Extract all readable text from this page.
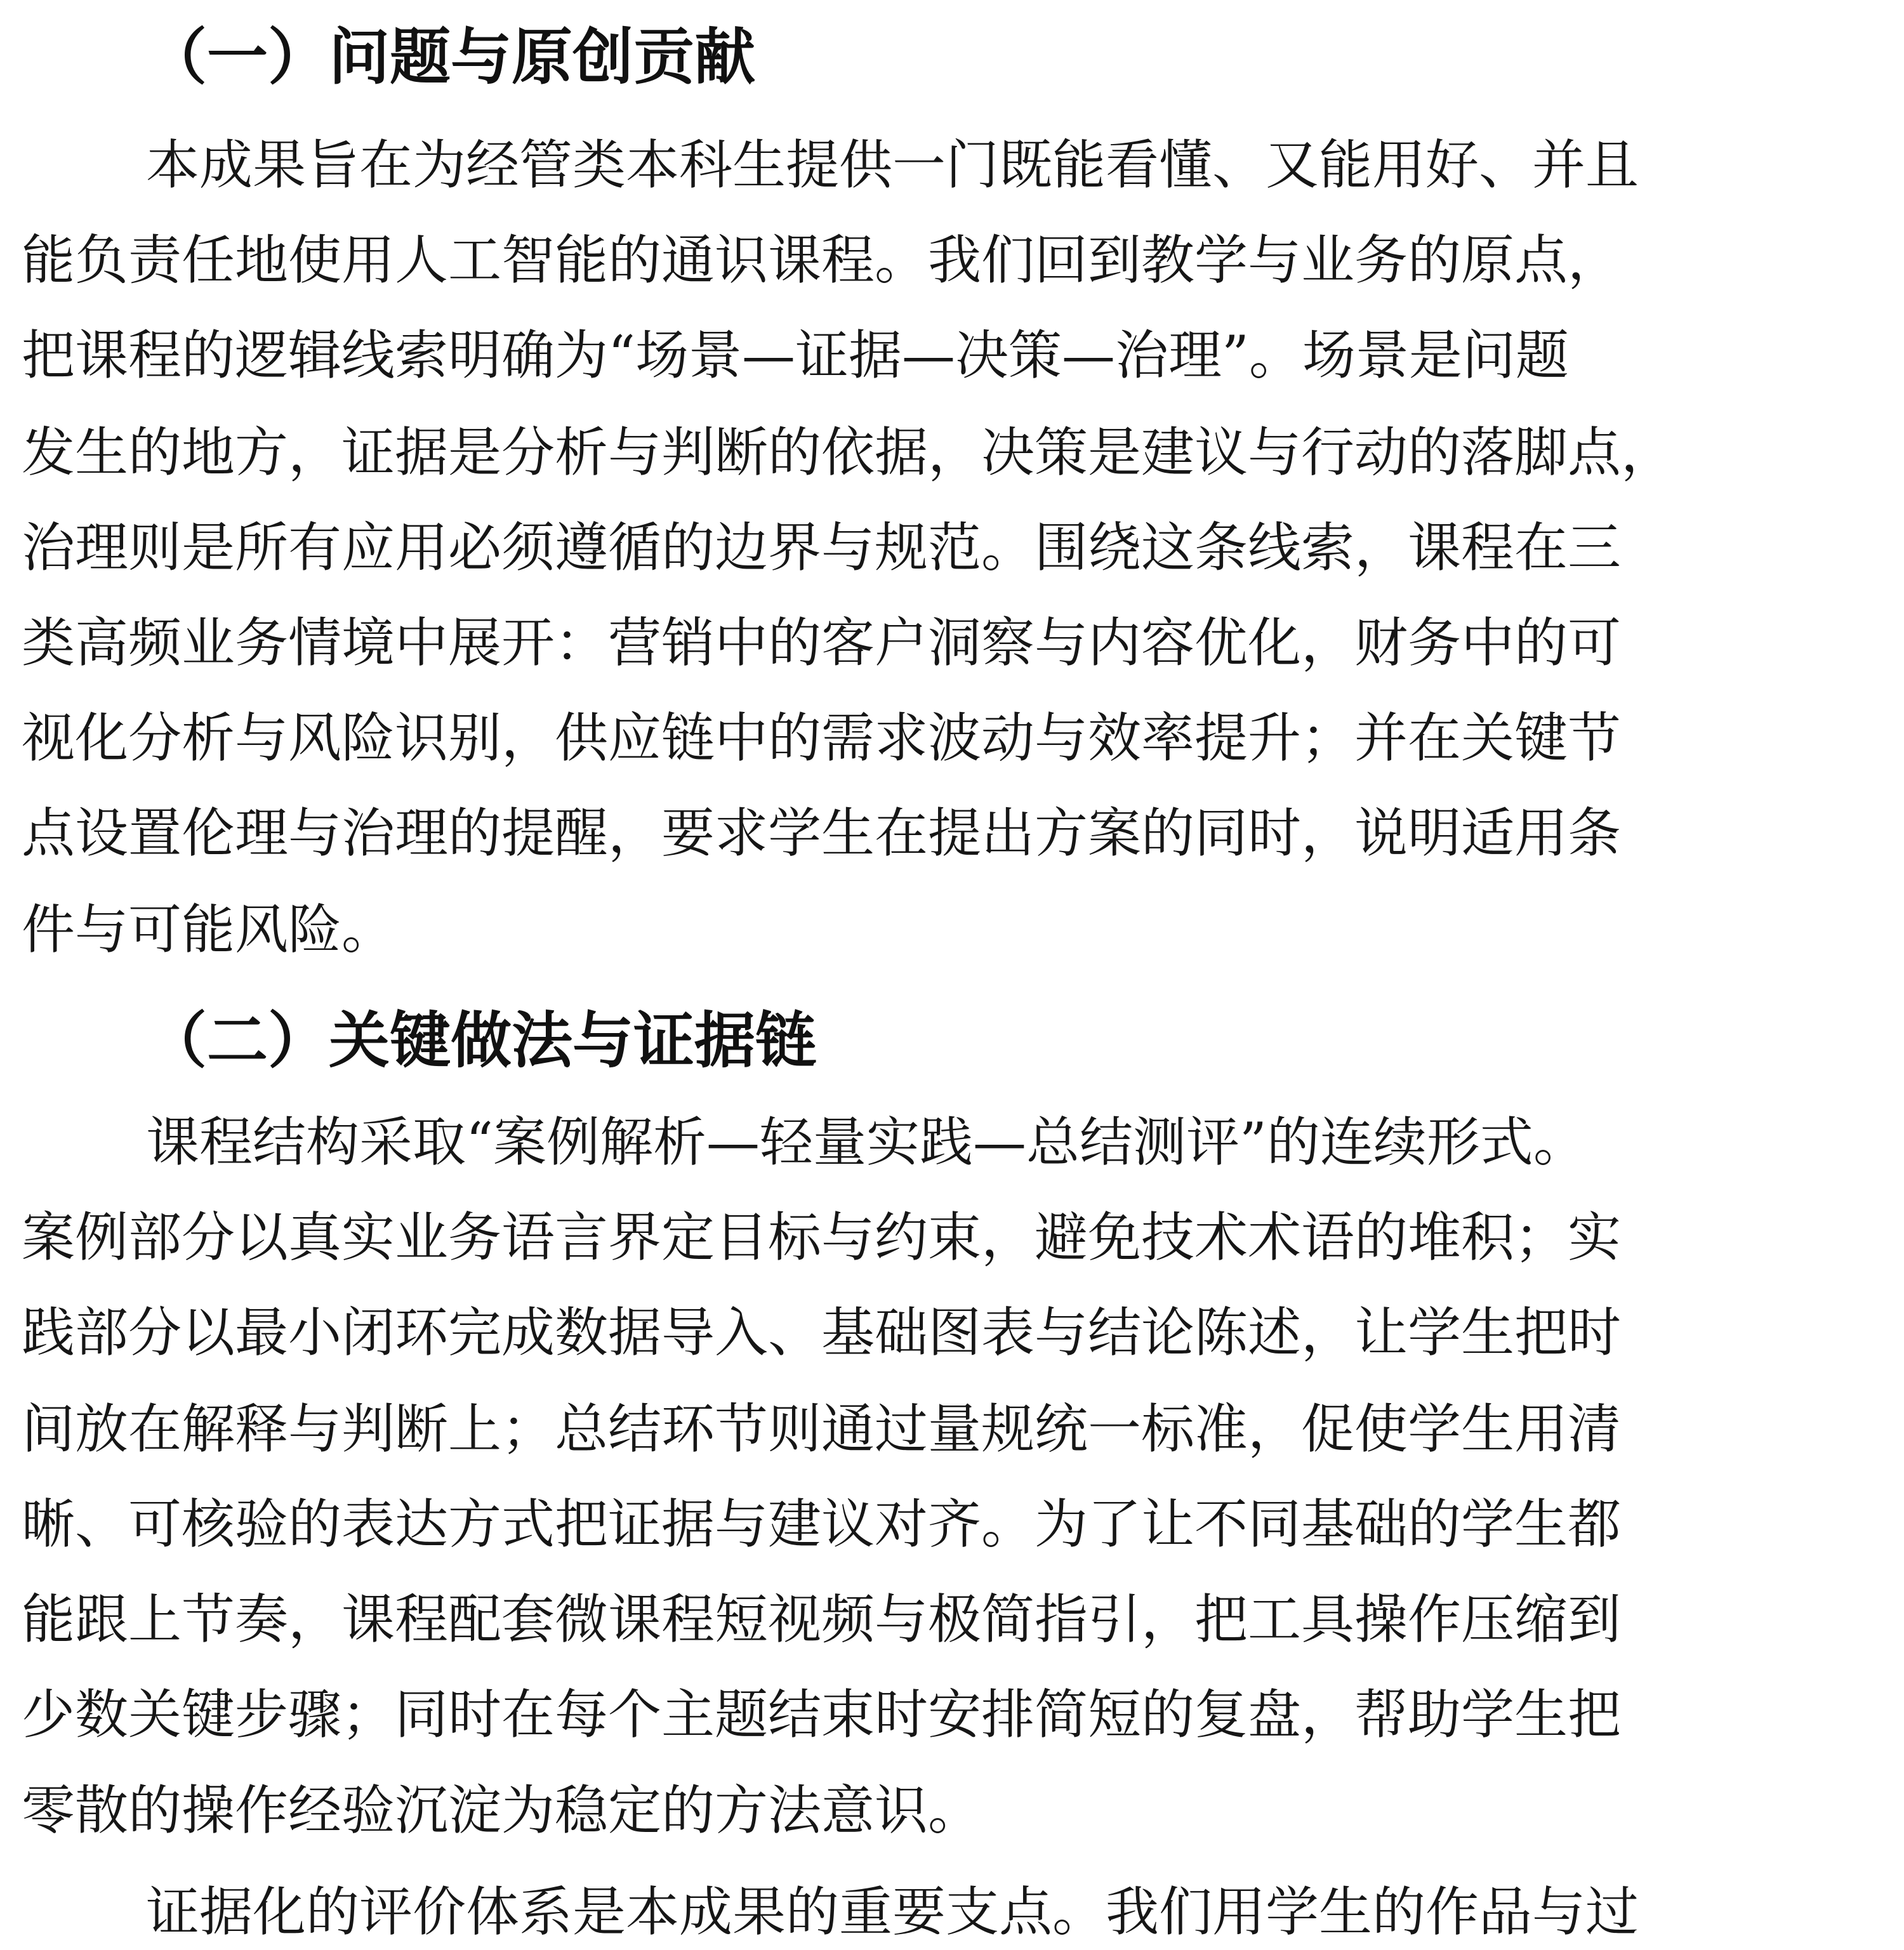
（一）问题与原创贡献

本成果旨在为经管类本科生提供一门既能看懂、又能用好、并且

能负责任地使用人工智能的通识课程。我们回到教学与业务的原点，

把课程的逻辑线索明确为“场景—证据—决策—治理”。场景是问题

发生的地方，证据是分析与判断的依据，决策是建议与行动的落脚点，

治理则是所有应用必须遵循的边界与规范。围绕这条线索，课程在三

类高频业务情境中展开：营销中的客户洞察与内容优化，财务中的可

视化分析与风险识别，供应链中的需求波动与效率提升；并在关键节

点设置伦理与治理的提醒，要求学生在提出方案的同时，说明适用条

件与可能风险。

（二）关键做法与证据链

课程结构采取“案例解析—轻量实践—总结测评”的连续形式。

案例部分以真实业务语言界定目标与约束，避免技术术语的堆积；实

践部分以最小闭环完成数据导入、基础图表与结论陈述，让学生把时

间放在解释与判断上；总结环节则通过量规统一标准，促使学生用清

晰、可核验的表达方式把证据与建议对齐。为了让不同基础的学生都

能跟上节奏，课程配套微课程短视频与极简指引，把工具操作压缩到

少数关键步骤；同时在每个主题结束时安排简短的复盘，帮助学生把

零散的操作经验沉淀为稳定的方法意识。

证据化的评价体系是本成果的重要支点。我们用学生的作品与过
